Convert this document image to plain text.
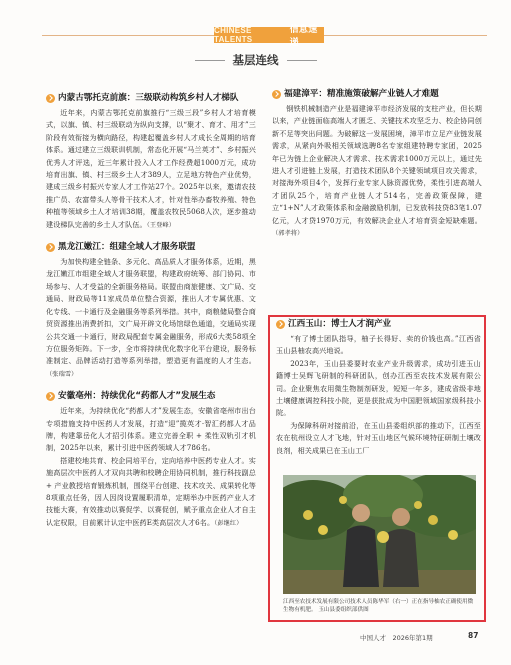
CHINESE TALENTS
信息速递
基层连线
内蒙古鄂托克前旗：三级联动构筑乡村人才梯队

近年来，内蒙古鄂托克前旗推行“三级三段”乡村人才培育模式，以旗、镇、村三级联动为纵向支撑，以“聚才、育才、用才”三阶段有效衔接为横向路径，构建起覆盖乡村人才成长全周期的培育体系。通过建立三级联训机制，常态化开展“马兰英才”、乡村振兴优秀人才评选，近三年累计投入人才工作经费超1000万元，成功培育出旗、镇、村三级乡土人才389人，立足地方特色产业优势，建成三级乡村振兴专家人才工作站27个。2025年以来，邀请农技推广员、农富带头人等骨干技术人才，针对性举办畜牧养殖、特色种植等领域乡土人才培训38期，覆盖农牧民5068人次，逐步推动建设梯队完善的乡土人才队伍。（王登峰）

黑龙江嫩江：组建全域人才服务联盟

为加快构建全链条、多元化、高品质人才服务体系，近期，黑龙江嫩江市组建全域人才服务联盟，构建政府统筹、部门协同、市场参与、人才受益的全新服务格局。联盟由商旅健康、文广局、交通局、财政局等11家成员单位整合资源，推出人才专属优惠、文化专线、一卡通行及金融服务等系列举措。其中，商粮储局整合商贸资源推出消费折扣，文广局开辟文化场馆绿色通道，交通局实现公共交通一卡通行，财政局配套专属金融服务，形成6大类58项全方位服务矩阵。下一步，全市将持续优化数字化平台建设，服务标准制定、品牌活动打造等系列举措，塑造更有温度的人才生态。（张瑞雪）

安徽亳州：持续优化“药都人才”发展生态

近年来，为持续优化“药都人才”发展生态，安徽省亳州市出台专项措施支持中医药人才发展，打造“迎”揽英才·智汇药都人才品牌，构建靠岳化人才招引体系。建立完善全职 + 柔性双轨引才机制，2025年以来，累计引进中医药领域人才786名。

搭建校地共育、校企同培平台，定向培养中医药专业人才。实施高层次中医药人才双向共聘和校聘企用协同机制，推行科技副总 + 产业教授培育锻炼机制，围绕平台创建、技术攻关、成果转化等8项重点任务，因人因岗设置履职清单，定期举办中医药产业人才技能大赛，有效推动以赛促学、以赛促创，赋予重点企业人才自主认定权限，目前累计认定中医药E类高层次人才6名。（彭继红）

福建漳平：精准施策破解产业链人才难题

钢铁机械制造产业是福建漳平市经济发展的支柱产业，但长期以来，产业链面临高端人才匮乏、关键技术攻坚乏力、校企协同创新不足等突出问题。为破解这一发展困境，漳平市立足产业链发展需求，从紧向外吸相关领域选聘8名专家组建特聘专家团，2025年已为链上企业解决人才需求、技术需求1000万元以上，通过先进人才引进链上发展，打造技术团队8个关键领域项目攻关需求，对接海外项目4个，发挥行业专家人脉资源优势，柔性引进高端人才团队25个，培育产业链人才514名，完善政策保障，建立“1+N”人才政策体系和金融激励机制，已发放科技贷83笔1.07亿元，人才贷1970万元，有效解决企业人才培育资金短缺难题。（郭孝将）

江西玉山：博士人才润产业

“有了博士团队指导，柚子长得好、卖的价钱也高。”江西省玉山县柚农高兴地说。

2023年，玉山县委要时农业产业升级需求，成功引进玉山籍博士吴辉飞研制的科研团队，创办江西至农技术发展有限公司。企业聚焦农用微生物制剂研发，短短一年多，建成省级非地土壤健康调控科技小院，更是获批成为中国肥领域国家级科技小院。

为保障科研对接前沿，在玉山县委组织部的推动下，江西至农在杭州设立人才飞地，针对玉山地区气候环境特征研制土壤改良剂，相关成果已在玉山工厂

江西至农技术发展有限公司技术人员陈华军（右一）正在指导柚农正确使用微生物有机肥。 玉山县委组织部供图
中国人才　 2026年第1期	87
